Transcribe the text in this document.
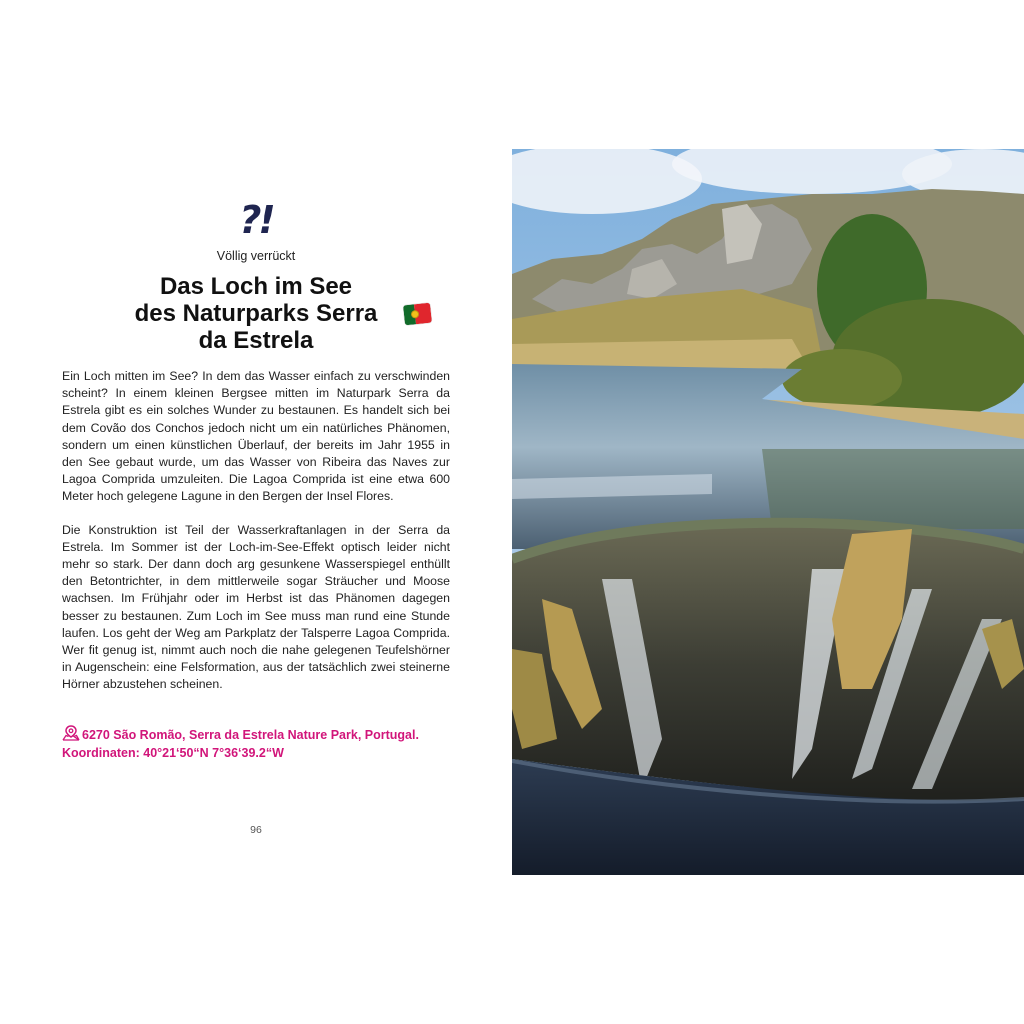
?!
Völlig verrückt
Das Loch im See
des Naturparks Serra
da Estrela

Ein Loch mitten im See? In dem das Wasser einfach zu verschwinden scheint? In einem kleinen Bergsee mitten im Naturpark Serra da Estrela gibt es ein solches Wunder zu bestaunen. Es handelt sich bei dem Covão dos Conchos jedoch nicht um ein natürliches Phänomen, sondern um einen künstlichen Überlauf, der bereits im Jahr 1955 in den See gebaut wurde, um das Wasser von Ribeira das Naves zur Lagoa Comprida umzuleiten. Die Lagoa Comprida ist eine etwa 600 Meter hoch gelegene Lagune in den Bergen der Insel Flores.

Die Konstruktion ist Teil der Wasserkraftanlagen in der Serra da Estrela. Im Sommer ist der Loch-im-See-Effekt optisch leider nicht mehr so stark. Der dann doch arg gesunkene Wasserspiegel enthüllt den Betontrichter, in dem mittlerweile sogar Sträucher und Moose wachsen. Im Frühjahr oder im Herbst ist das Phänomen dagegen besser zu bestaunen. Zum Loch im See muss man rund eine Stunde laufen. Los geht der Weg am Parkplatz der Talsperre Lagoa Comprida. Wer fit genug ist, nimmt auch noch die nahe gelegenen Teufelshörner in Augenschein: eine Felsformation, aus der tatsächlich zwei steinerne Hörner abzustehen scheinen.

6270 São Romão, Serra da Estrela Nature Park, Portugal.
Koordinaten: 40°21‘50“N 7°36‘39.2“W
96
